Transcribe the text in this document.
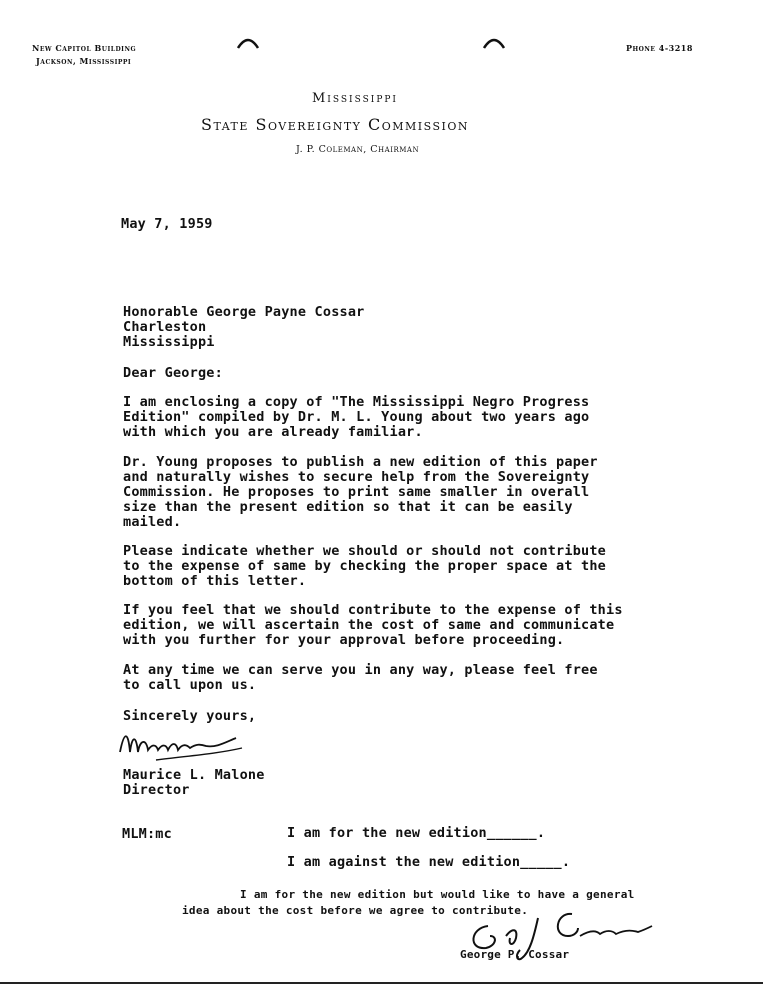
New Capitol Building
Jackson, Mississippi
Phone 4-3218
Mississippi
State Sovereignty Commission
J. P. Coleman, Chairman
May 7, 1959
Honorable George Payne Cossar
Charleston
Mississippi
Dear George:
I am enclosing a copy of "The Mississippi Negro Progress
Edition" compiled by Dr. M. L. Young about two years ago
with which you are already familiar.
Dr. Young proposes to publish a new edition of this paper
and naturally wishes to secure help from the Sovereignty
Commission. He proposes to print same smaller in overall
size than the present edition so that it can be easily
mailed.
Please indicate whether we should or should not contribute
to the expense of same by checking the proper space at the
bottom of this letter.
If you feel that we should contribute to the expense of this
edition, we will ascertain the cost of same and communicate
with you further for your approval before proceeding.
At any time we can serve you in any way, please feel free
to call upon us.
Sincerely yours,
Maurice L. Malone
Director
MLM:mc	I am for the new edition______.
I am against the new edition_____.
I am for the new edition but would like to have a general
idea about the cost before we agree to contribute.
George P. Cossar
